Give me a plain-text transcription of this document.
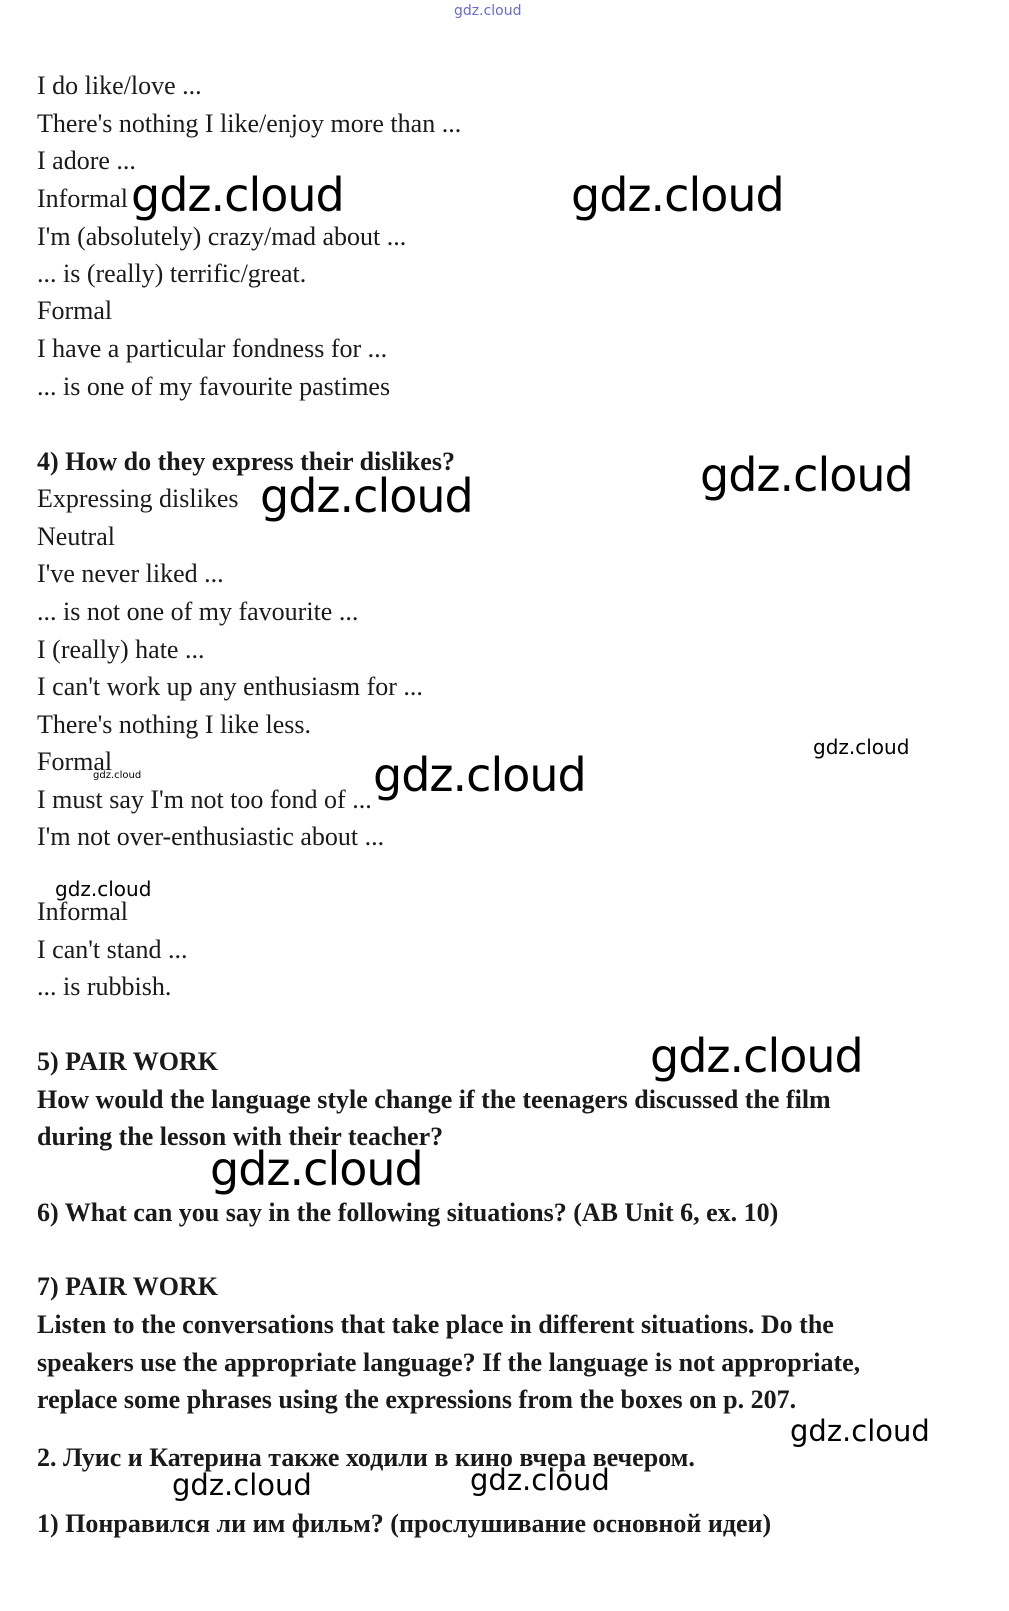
gdz.cloud
I do like/love ...
There's nothing I like/enjoy more than ...
I adore ...
Informal
I'm (absolutely) crazy/mad about ...
... is (really) terrific/great.
Formal
I have a particular fondness for ...
... is one of my favourite pastimes
4) How do they express their dislikes?
Expressing dislikes
Neutral
I've never liked ...
... is not one of my favourite ...
I (really) hate ...
I can't work up any enthusiasm for ...
There's nothing I like less.
Formal
I must say I'm not too fond of ...
I'm not over-enthusiastic about ...
Informal
I can't stand ...
... is rubbish.
5) PAIR WORK
How would the language style change if the teenagers discussed the film
during the lesson with their teacher?
6) What can you say in the following situations? (AB Unit 6, ex. 10)
7) PAIR WORK
Listen to the conversations that take place in different situations. Do the
speakers use the appropriate language? If the language is not appropriate,
replace some phrases using the expressions from the boxes on p. 207.
2. Луис и Катерина также ходили в кино вчера вечером.
1) Понравился ли им фильм? (прослушивание основной идеи)
gdz.cloud	gdz.cloud
gdz.cloud
gdz.cloud
gdz.cloud
gdz.cloud	gdz.cloud
gdz.cloud
gdz.cloud
gdz.cloud
gdz.cloud
gdz.cloud
gdz.cloud
